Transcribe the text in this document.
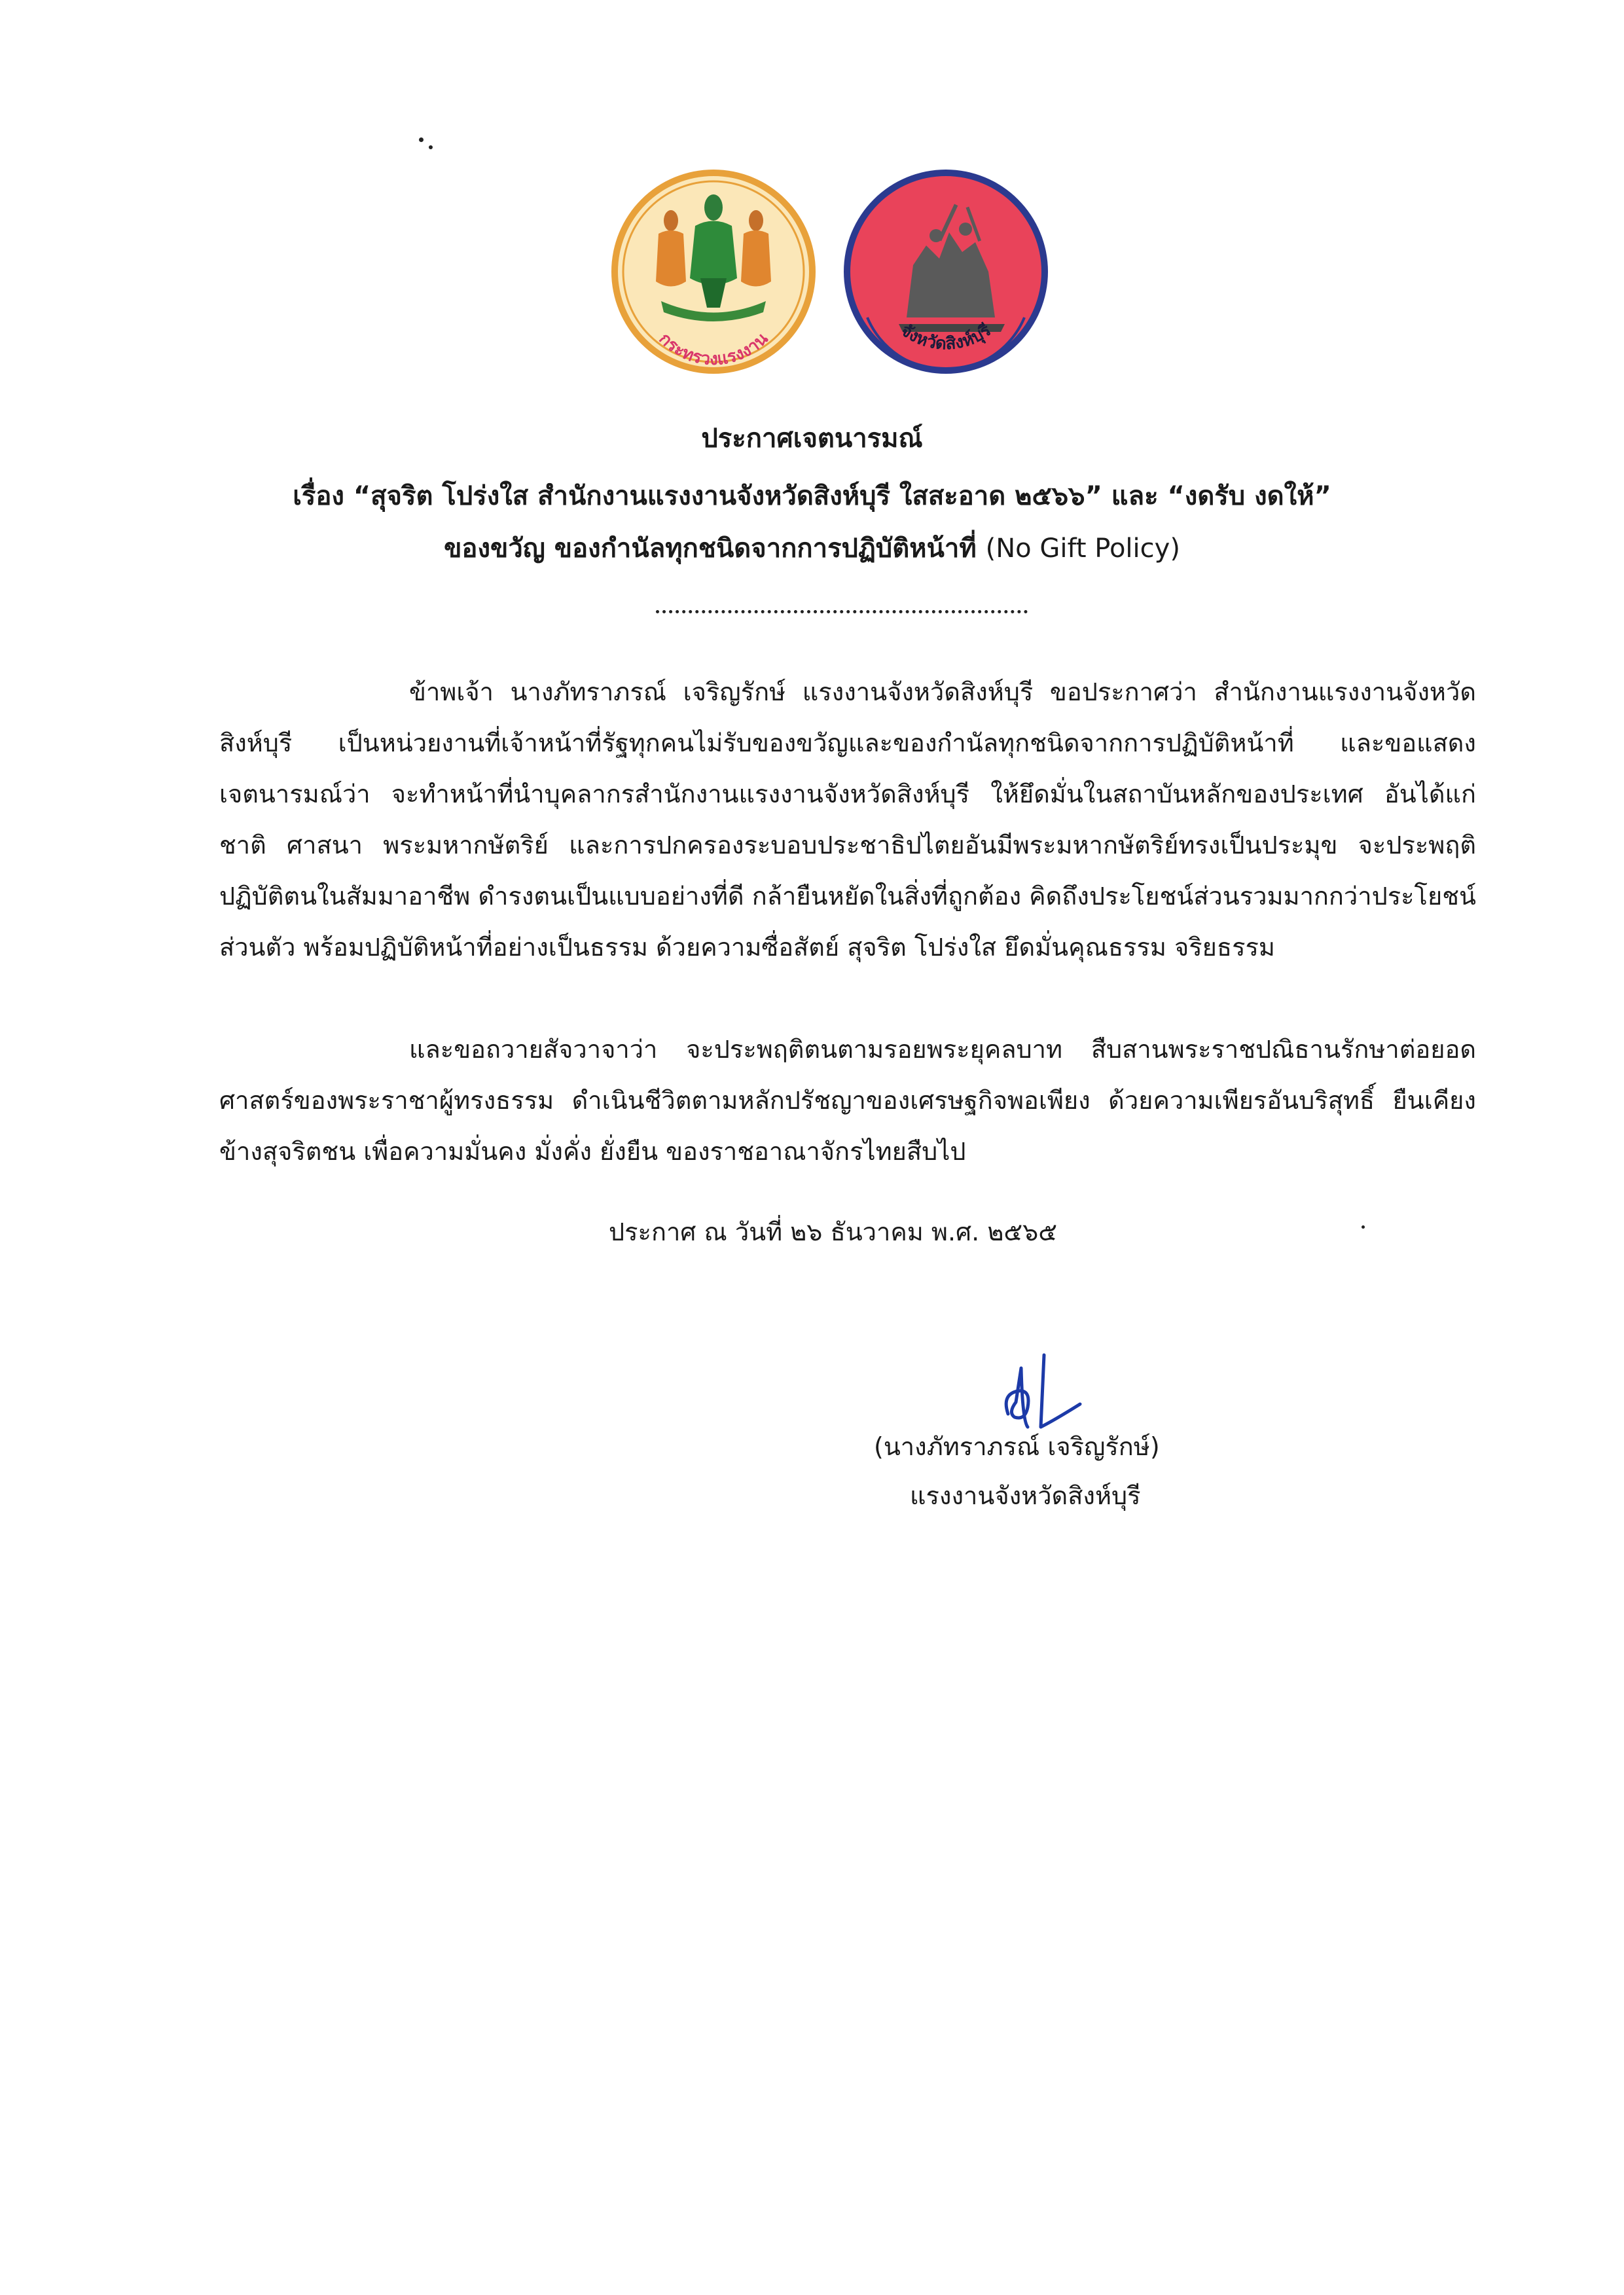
กระทรวงแรงงาน	จังหวัดสิงห์บุรี
ประกาศเจตนารมณ์
เรื่อง “สุจริต โปร่งใส สำนักงานแรงงานจังหวัดสิงห์บุรี ใสสะอาด ๒๕๖๖” และ “งดรับ งดให้”
ของขวัญ ของกำนัลทุกชนิดจากการปฏิบัติหน้าที่ (No Gift Policy)
ข้าพเจ้า นางภัทราภรณ์ เจริญรักษ์ แรงงานจังหวัดสิงห์บุรี ขอประกาศว่า สำนักงานแรงงานจังหวัดสิงห์บุรี เป็นหน่วยงานที่เจ้าหน้าที่รัฐทุกคนไม่รับของขวัญและของกำนัลทุกชนิดจากการปฏิบัติหน้าที่ และขอแสดงเจตนารมณ์ว่า จะทำหน้าที่นำบุคลากรสำนักงานแรงงานจังหวัดสิงห์บุรี ให้ยึดมั่นในสถาบันหลักของประเทศ อันได้แก่ ชาติ ศาสนา พระมหากษัตริย์ และการปกครองระบอบประชาธิปไตยอันมีพระมหากษัตริย์ทรงเป็นประมุข จะประพฤติปฏิบัติตนในสัมมาอาชีพ ดำรงตนเป็นแบบอย่างที่ดี กล้ายืนหยัดในสิ่งที่ถูกต้อง คิดถึงประโยชน์ส่วนรวมมากกว่าประโยชน์ส่วนตัว พร้อมปฏิบัติหน้าที่อย่างเป็นธรรม ด้วยความซื่อสัตย์ สุจริต โปร่งใส ยึดมั่นคุณธรรม จริยธรรม
และขอถวายสัจวาจาว่า จะประพฤติตนตามรอยพระยุคลบาท สืบสานพระราชปณิธานรักษาต่อยอดศาสตร์ของพระราชาผู้ทรงธรรม ดำเนินชีวิตตามหลักปรัชญาของเศรษฐกิจพอเพียง ด้วยความเพียรอันบริสุทธิ์ ยืนเคียงข้างสุจริตชน เพื่อความมั่นคง มั่งคั่ง ยั่งยืน ของราชอาณาจักรไทยสืบไป
ประกาศ ณ วันที่ ๒๖ ธันวาคม พ.ศ. ๒๕๖๕
(นางภัทราภรณ์ เจริญรักษ์)
แรงงานจังหวัดสิงห์บุรี
